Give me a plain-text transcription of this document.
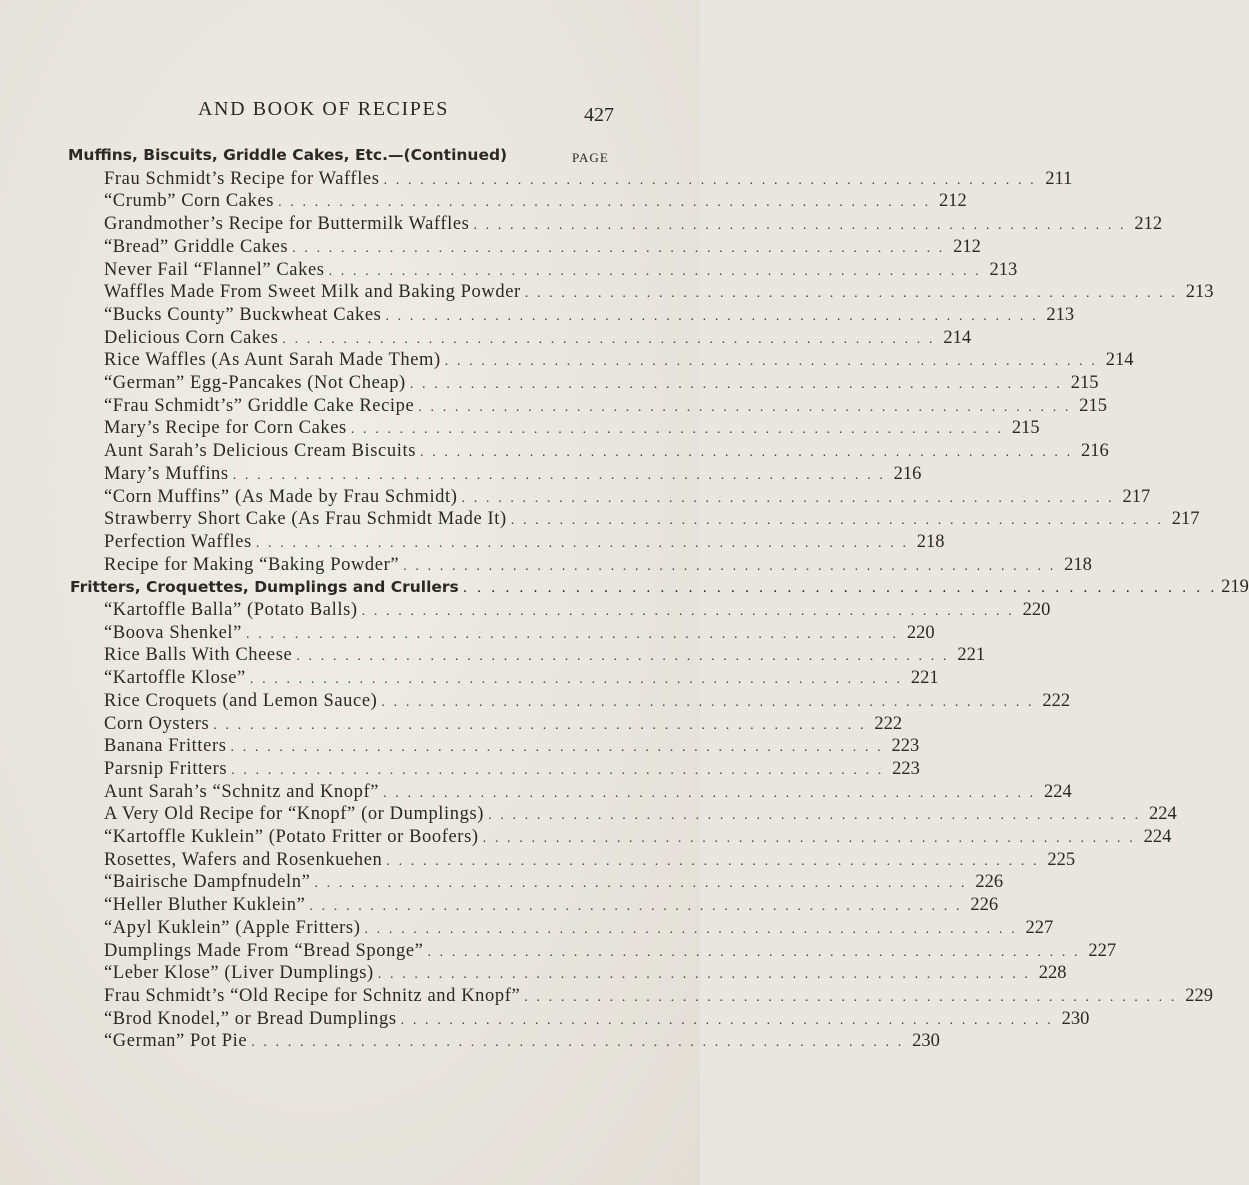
AND BOOK OF RECIPES	427
Muffins, Biscuits, Griddle Cakes, Etc.—(Continued)	PAGE
Frau Schmidt’s Recipe for Waffles . . . . . . . . . . . . . . . . . . . . . . . . . . . . . . . . . . . . . . . . . . . . . . . . . . . . . . 211
“Crumb” Corn Cakes . . . . . . . . . . . . . . . . . . . . . . . . . . . . . . . . . . . . . . . . . . . . . . . . . . . . . . 212
Grandmother’s Recipe for Buttermilk Waffles . . . . . . . . . . . . . . . . . . . . . . . . . . . . . . . . . . . . . . . . . . . . . . . . . . . . . . 212
“Bread” Griddle Cakes . . . . . . . . . . . . . . . . . . . . . . . . . . . . . . . . . . . . . . . . . . . . . . . . . . . . . . 212
Never Fail “Flannel” Cakes . . . . . . . . . . . . . . . . . . . . . . . . . . . . . . . . . . . . . . . . . . . . . . . . . . . . . . 213
Waffles Made From Sweet Milk and Baking Powder . . . . . . . . . . . . . . . . . . . . . . . . . . . . . . . . . . . . . . . . . . . . . . . . . . . . . . 213
“Bucks County” Buckwheat Cakes . . . . . . . . . . . . . . . . . . . . . . . . . . . . . . . . . . . . . . . . . . . . . . . . . . . . . . 213
Delicious Corn Cakes . . . . . . . . . . . . . . . . . . . . . . . . . . . . . . . . . . . . . . . . . . . . . . . . . . . . . . 214
Rice Waffles (As Aunt Sarah Made Them) . . . . . . . . . . . . . . . . . . . . . . . . . . . . . . . . . . . . . . . . . . . . . . . . . . . . . . 214
“German” Egg-Pancakes (Not Cheap) . . . . . . . . . . . . . . . . . . . . . . . . . . . . . . . . . . . . . . . . . . . . . . . . . . . . . . 215
“Frau Schmidt’s” Griddle Cake Recipe . . . . . . . . . . . . . . . . . . . . . . . . . . . . . . . . . . . . . . . . . . . . . . . . . . . . . . 215
Mary’s Recipe for Corn Cakes . . . . . . . . . . . . . . . . . . . . . . . . . . . . . . . . . . . . . . . . . . . . . . . . . . . . . . 215
Aunt Sarah’s Delicious Cream Biscuits . . . . . . . . . . . . . . . . . . . . . . . . . . . . . . . . . . . . . . . . . . . . . . . . . . . . . . 216
Mary’s Muffins . . . . . . . . . . . . . . . . . . . . . . . . . . . . . . . . . . . . . . . . . . . . . . . . . . . . . . 216
“Corn Muffins” (As Made by Frau Schmidt) . . . . . . . . . . . . . . . . . . . . . . . . . . . . . . . . . . . . . . . . . . . . . . . . . . . . . . 217
Strawberry Short Cake (As Frau Schmidt Made It) . . . . . . . . . . . . . . . . . . . . . . . . . . . . . . . . . . . . . . . . . . . . . . . . . . . . . . 217
Perfection Waffles . . . . . . . . . . . . . . . . . . . . . . . . . . . . . . . . . . . . . . . . . . . . . . . . . . . . . . 218
Recipe for Making “Baking Powder” . . . . . . . . . . . . . . . . . . . . . . . . . . . . . . . . . . . . . . . . . . . . . . . . . . . . . . 218
Fritters, Croquettes, Dumplings and Crullers . . . . . . . . . . . . . . . . . . . . . . . . . . . . . . . . . . . . . . . . . . . . . . . . . . . . . . 219
“Kartoffle Balla” (Potato Balls) . . . . . . . . . . . . . . . . . . . . . . . . . . . . . . . . . . . . . . . . . . . . . . . . . . . . . . 220
“Boova Shenkel” . . . . . . . . . . . . . . . . . . . . . . . . . . . . . . . . . . . . . . . . . . . . . . . . . . . . . . 220
Rice Balls With Cheese . . . . . . . . . . . . . . . . . . . . . . . . . . . . . . . . . . . . . . . . . . . . . . . . . . . . . . 221
“Kartoffle Klose” . . . . . . . . . . . . . . . . . . . . . . . . . . . . . . . . . . . . . . . . . . . . . . . . . . . . . . 221
Rice Croquets (and Lemon Sauce) . . . . . . . . . . . . . . . . . . . . . . . . . . . . . . . . . . . . . . . . . . . . . . . . . . . . . . 222
Corn Oysters . . . . . . . . . . . . . . . . . . . . . . . . . . . . . . . . . . . . . . . . . . . . . . . . . . . . . . 222
Banana Fritters . . . . . . . . . . . . . . . . . . . . . . . . . . . . . . . . . . . . . . . . . . . . . . . . . . . . . . 223
Parsnip Fritters . . . . . . . . . . . . . . . . . . . . . . . . . . . . . . . . . . . . . . . . . . . . . . . . . . . . . . 223
Aunt Sarah’s “Schnitz and Knopf” . . . . . . . . . . . . . . . . . . . . . . . . . . . . . . . . . . . . . . . . . . . . . . . . . . . . . . 224
A Very Old Recipe for “Knopf” (or Dumplings) . . . . . . . . . . . . . . . . . . . . . . . . . . . . . . . . . . . . . . . . . . . . . . . . . . . . . . 224
“Kartoffle Kuklein” (Potato Fritter or Boofers) . . . . . . . . . . . . . . . . . . . . . . . . . . . . . . . . . . . . . . . . . . . . . . . . . . . . . . 224
Rosettes, Wafers and Rosenkuehen . . . . . . . . . . . . . . . . . . . . . . . . . . . . . . . . . . . . . . . . . . . . . . . . . . . . . . 225
“Bairische Dampfnudeln” . . . . . . . . . . . . . . . . . . . . . . . . . . . . . . . . . . . . . . . . . . . . . . . . . . . . . . 226
“Heller Bluther Kuklein” . . . . . . . . . . . . . . . . . . . . . . . . . . . . . . . . . . . . . . . . . . . . . . . . . . . . . . 226
“Apyl Kuklein” (Apple Fritters) . . . . . . . . . . . . . . . . . . . . . . . . . . . . . . . . . . . . . . . . . . . . . . . . . . . . . . 227
Dumplings Made From “Bread Sponge” . . . . . . . . . . . . . . . . . . . . . . . . . . . . . . . . . . . . . . . . . . . . . . . . . . . . . . 227
“Leber Klose” (Liver Dumplings) . . . . . . . . . . . . . . . . . . . . . . . . . . . . . . . . . . . . . . . . . . . . . . . . . . . . . . 228
Frau Schmidt’s “Old Recipe for Schnitz and Knopf” . . . . . . . . . . . . . . . . . . . . . . . . . . . . . . . . . . . . . . . . . . . . . . . . . . . . . . 229
“Brod Knodel,” or Bread Dumplings . . . . . . . . . . . . . . . . . . . . . . . . . . . . . . . . . . . . . . . . . . . . . . . . . . . . . . 230
“German” Pot Pie . . . . . . . . . . . . . . . . . . . . . . . . . . . . . . . . . . . . . . . . . . . . . . . . . . . . . . 230
